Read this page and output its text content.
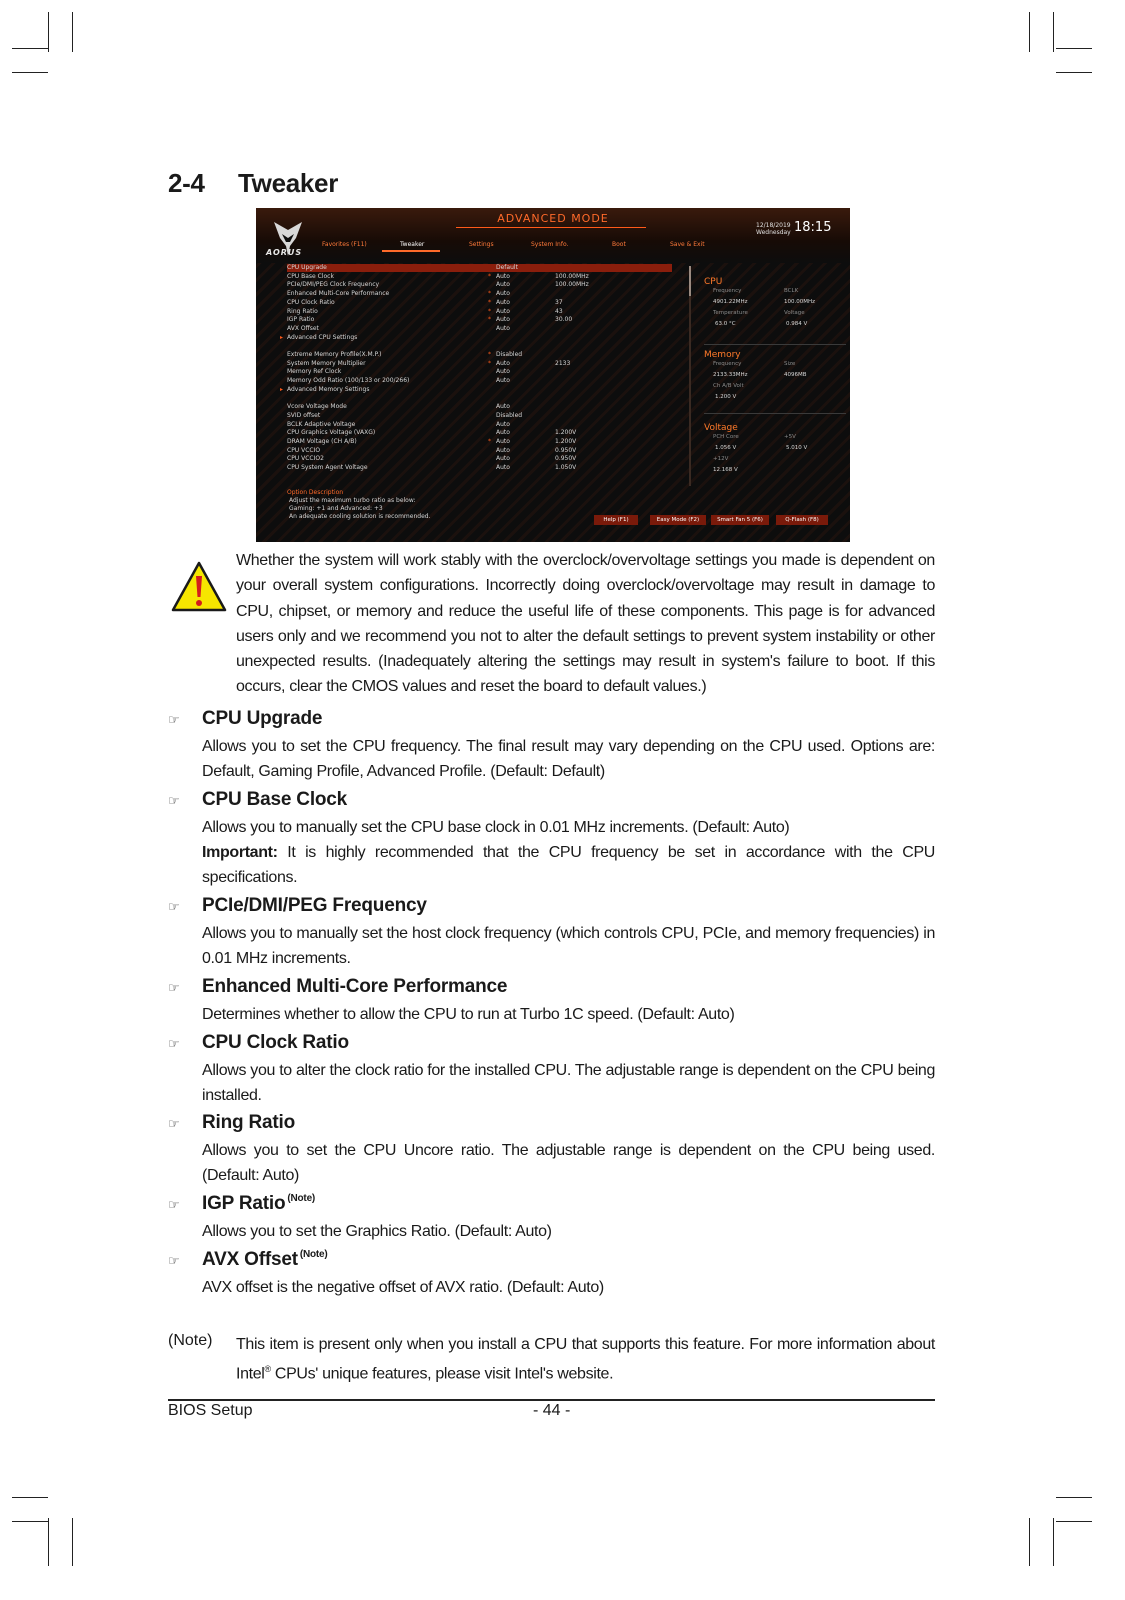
2-4 Tweaker
AORUS
ADVANCED MODE
12/18/2019
Wednesday 18:15
Favorites (F11)	Tweaker	Settings	System Info.	Boot	Save & Exit
CPU Upgrade	Default
CPU Base Clock	* Auto	100.00MHz
PCIe/DMI/PEG Clock Frequency	Auto	100.00MHz
Enhanced Multi-Core Performance	* Auto
CPU Clock Ratio	* Auto	37
Ring Ratio	* Auto	43
IGP Ratio	* Auto	30.00
AVX Offset	Auto
▸ Advanced CPU Settings
Extreme Memory Profile(X.M.P.)	* Disabled
System Memory Multiplier	* Auto	2133
Memory Ref Clock	Auto
Memory Odd Ratio (100/133 or 200/266)	Auto
▸ Advanced Memory Settings
Vcore Voltage Mode	Auto
SVID offset	Disabled
BCLK Adaptive Voltage	Auto
CPU Graphics Voltage (VAXG)	Auto	1.200V
DRAM Voltage (CH A/B)	* Auto	1.200V
CPU VCCIO	Auto	0.950V
CPU VCCIO2	Auto	0.950V
CPU System Agent Voltage	Auto	1.050V
CPU
Frequency	BCLK
4901.22MHz	100.00MHz
Temperature	Voltage
63.0 °C	0.984 V
Memory
Frequency	Size
2133.33MHz	4096MB
Ch A/B Volt
1.200 V
Voltage
PCH Core	+5V
1.056 V	5.010 V
+12V
12.168 V
Option Description
Adjust the maximum turbo ratio as below:
Gaming: +1 and Advanced: +3
An adequate cooling solution is recommended.	Help (F1)	Easy Mode (F2)	Smart Fan 5 (F6)	Q-Flash (F8)
Whether the system will work stably with the overclock/overvoltage settings you made is dependent on your overall system configurations. Incorrectly doing overclock/overvoltage may result in damage to CPU, chipset, or memory and reduce the useful life of these components. This page is for advanced users only and we recommend you not to alter the default settings to prevent system instability or other unexpected results. (Inadequately altering the settings may result in system's failure to boot. If this occurs, clear the CMOS values and reset the board to default values.)
☞ CPU Upgrade
Allows you to set the CPU frequency. The final result may vary depending on the CPU used. Options are: Default, Gaming Profile, Advanced Profile. (Default: Default)
☞ CPU Base Clock
Allows you to manually set the CPU base clock in 0.01 MHz increments. (Default: Auto)
Important: It is highly recommended that the CPU frequency be set in accordance with the CPU specifications.
☞ PCIe/DMI/PEG Frequency
Allows you to manually set the host clock frequency (which controls CPU, PCIe, and memory frequencies) in 0.01 MHz increments.
☞ Enhanced Multi-Core Performance
Determines whether to allow the CPU to run at Turbo 1C speed. (Default: Auto)
☞ CPU Clock Ratio
Allows you to alter the clock ratio for the installed CPU. The adjustable range is dependent on the CPU being installed.
☞ Ring Ratio
Allows you to set the CPU Uncore ratio. The adjustable range is dependent on the CPU being used. (Default: Auto)
☞ IGP Ratio $^{(Note)}$
Allows you to set the Graphics Ratio. (Default: Auto)
☞ AVX Offset $^{(Note)}$
AVX offset is the negative offset of AVX ratio. (Default: Auto)
(Note) This item is present only when you install a CPU that supports this feature. For more information about Intel® CPUs' unique features, please visit Intel's website.
BIOS Setup	- 44 -
